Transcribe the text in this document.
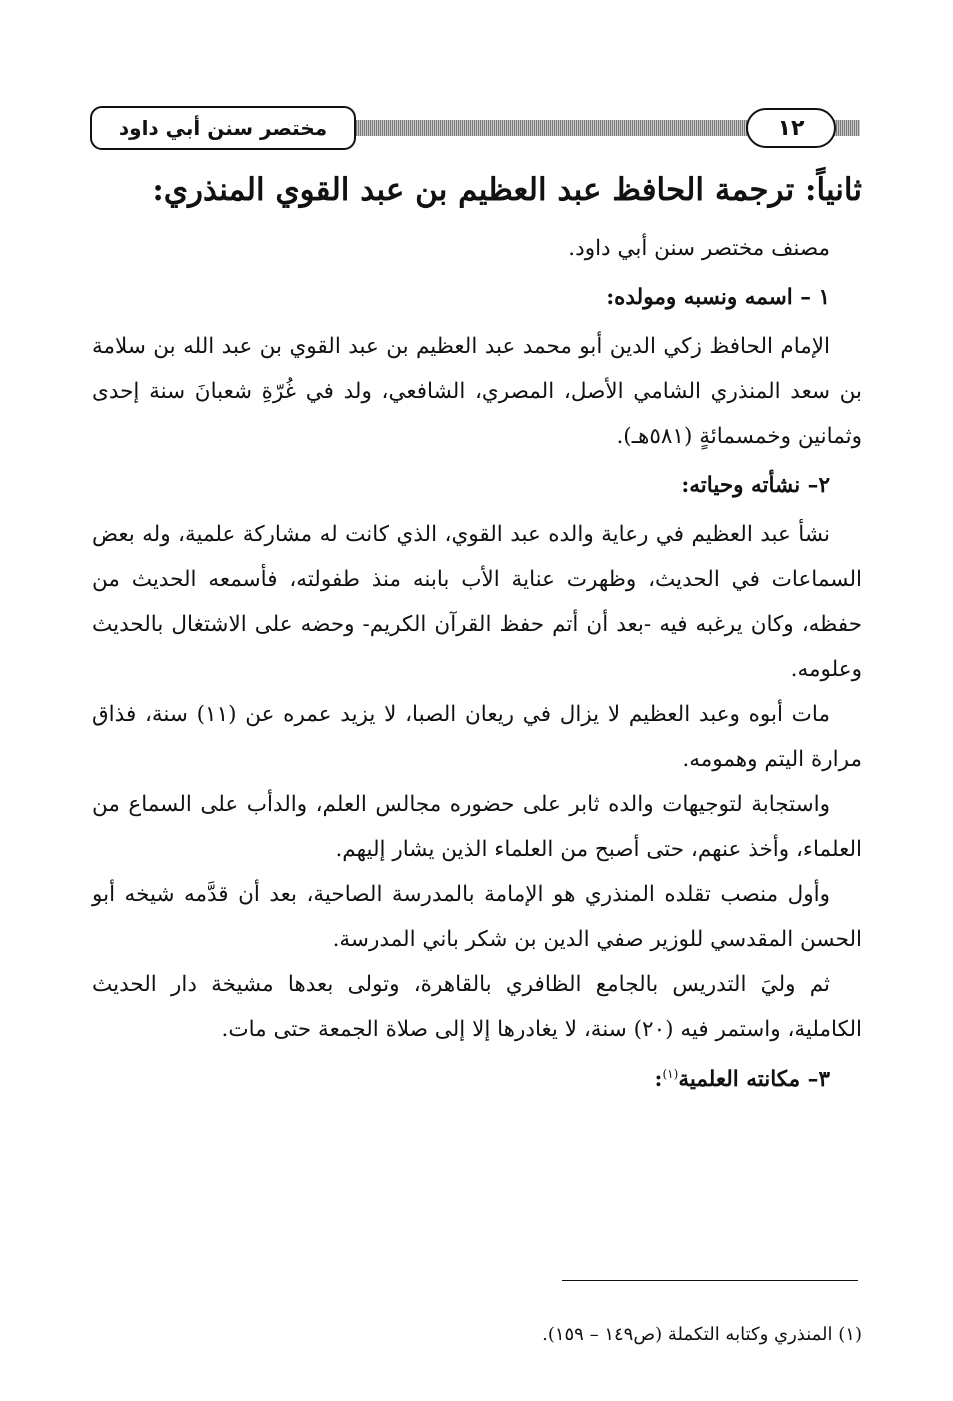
مختصر سنن أبي داود	١٢

ثانياً: ترجمة الحافظ عبد العظيم بن عبد القوي المنذري:

مصنف مختصر سنن أبي داود.

١ – اسمه ونسبه ومولده:

الإمام الحافظ زكي الدين أبو محمد عبد العظيم بن عبد القوي بن عبد الله بن سلامة بن سعد المنذري الشامي الأصل، المصري، الشافعي، ولد في غُرّةِ شعبانَ سنة إحدى وثمانين وخمسمائةٍ (٥٨١هـ).

٢– نشأته وحياته:

نشأ عبد العظيم في رعاية والده عبد القوي، الذي كانت له مشاركة علمية، وله بعض السماعات في الحديث، وظهرت عناية الأب بابنه منذ طفولته، فأسمعه الحديث من حفظه، وكان يرغبه فيه -بعد أن أتم حفظ القرآن الكريم- وحضه على الاشتغال بالحديث وعلومه.

مات أبوه وعبد العظيم لا يزال في ريعان الصبا، لا يزيد عمره عن (١١) سنة، فذاق مرارة اليتم وهمومه.

واستجابة لتوجيهات والده ثابر على حضوره مجالس العلم، والدأب على السماع من العلماء، وأخذ عنهم، حتى أصبح من العلماء الذين يشار إليهم.

وأول منصب تقلده المنذري هو الإمامة بالمدرسة الصاحية، بعد أن قدَّمه شيخه أبو الحسن المقدسي للوزير صفي الدين بن شكر باني المدرسة.

ثم وليَ التدريس بالجامع الظافري بالقاهرة، وتولى بعدها مشيخة دار الحديث الكاملية، واستمر فيه (٢٠) سنة، لا يغادرها إلا إلى صلاة الجمعة حتى مات.

٣– مكانته العلمية$^{(١)}$:

(١) المنذري وكتابه التكملة (ص١٤٩ – ١٥٩).
